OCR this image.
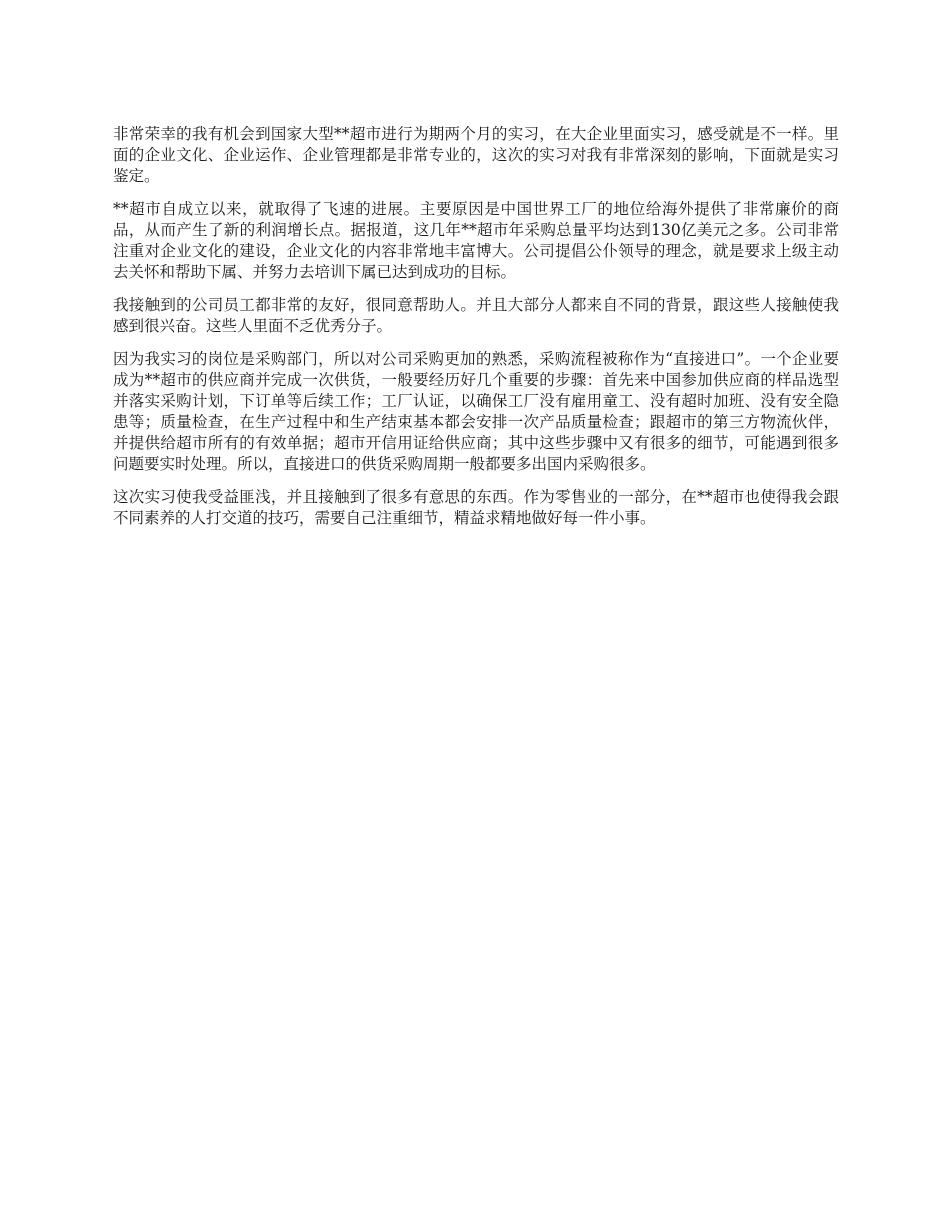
非常荣幸的我有机会到国家大型**超市进行为期两个月的实习，在大企业里面实习，感受就是不一样。里面的企业文化、企业运作、企业管理都是非常专业的，这次的实习对我有非常深刻的影响，下面就是实习鉴定。

**超市自成立以来，就取得了飞速的进展。主要原因是中国世界工厂的地位给海外提供了非常廉价的商品，从而产生了新的利润增长点。据报道，这几年**超市年采购总量平均达到130亿美元之多。公司非常注重对企业文化的建设，企业文化的内容非常地丰富博大。公司提倡公仆领导的理念，就是要求上级主动去关怀和帮助下属、并努力去培训下属已达到成功的目标。

我接触到的公司员工都非常的友好，很同意帮助人。并且大部分人都来自不同的背景，跟这些人接触使我感到很兴奋。这些人里面不乏优秀分子。

因为我实习的岗位是采购部门，所以对公司采购更加的熟悉，采购流程被称作为“直接进口”。一个企业要成为**超市的供应商并完成一次供货，一般要经历好几个重要的步骤：首先来中国参加供应商的样品选型并落实采购计划，下订单等后续工作；工厂认证，以确保工厂没有雇用童工、没有超时加班、没有安全隐患等；质量检查，在生产过程中和生产结束基本都会安排一次产品质量检查；跟超市的第三方物流伙伴，并提供给超市所有的有效单据；超市开信用证给供应商；其中这些步骤中又有很多的细节，可能遇到很多问题要实时处理。所以，直接进口的供货采购周期一般都要多出国内采购很多。

这次实习使我受益匪浅，并且接触到了很多有意思的东西。作为零售业的一部分，在**超市也使得我会跟不同素养的人打交道的技巧，需要自己注重细节，精益求精地做好每一件小事。
